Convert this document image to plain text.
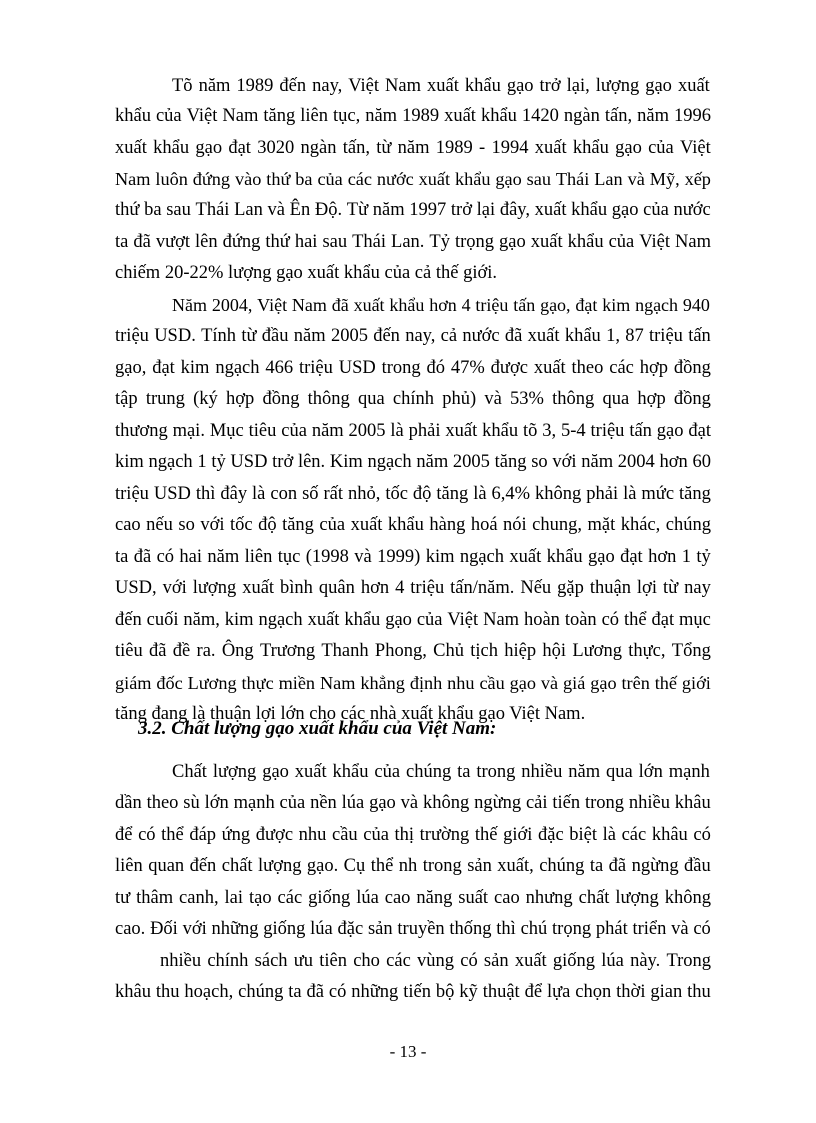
Tõ năm 1989 đến nay, Việt Nam xuất khẩu gạo trở lại, lượng gạo xuất
khẩu của Việt Nam tăng liên tục, năm 1989 xuất khẩu 1420 ngàn tấn, năm 1996
xuất khẩu gạo đạt 3020 ngàn tấn, từ năm 1989 - 1994 xuất khẩu gạo của Việt
Nam luôn đứng vào thứ ba của các nước xuất khẩu gạo sau Thái Lan và Mỹ, xếp
thứ ba sau Thái Lan và Ên Độ. Từ năm 1997 trở lại đây, xuất khẩu gạo của nước
ta đã vượt lên đứng thứ hai sau Thái Lan. Tỷ trọng gạo xuất khẩu của Việt Nam
chiếm 20-22% lượng gạo xuất khẩu của cả thế giới.
Năm 2004, Việt Nam đã xuất khẩu hơn 4 triệu tấn gạo, đạt kim ngạch 940
triệu USD. Tính từ đầu năm 2005 đến nay, cả nước đã xuất khẩu 1, 87 triệu tấn
gạo, đạt kim ngạch 466 triệu USD trong đó 47% được xuất theo các hợp đồng
tập trung (ký hợp đồng thông qua chính phủ) và 53% thông qua hợp đồng
thương mại. Mục tiêu của năm 2005 là phải xuất khẩu tõ 3, 5-4 triệu tấn gạo đạt
kim ngạch 1 tỷ USD trở lên. Kim ngạch năm 2005 tăng so với năm 2004 hơn 60
triệu USD thì đây là con số rất nhỏ, tốc độ tăng là 6,4% không phải là mức tăng
cao nếu so với tốc độ tăng của xuất khẩu hàng hoá nói chung, mặt khác, chúng
ta đã có hai năm liên tục (1998 và 1999) kim ngạch xuất khẩu gạo đạt hơn 1 tỷ
USD, với lượng xuất bình quân hơn 4 triệu tấn/năm. Nếu gặp thuận lợi từ nay
đến cuối năm, kim ngạch xuất khẩu gạo của Việt Nam hoàn toàn có thể đạt mục
tiêu đã đề ra. Ông Trương Thanh Phong, Chủ tịch hiệp hội Lương thực, Tổng
giám đốc Lương thực miền Nam khẳng định nhu cầu gạo và giá gạo trên thế giới
tăng đang là thuận lợi lớn cho các nhà xuất khẩu gạo Việt Nam.
3.2. Chất lượng gạo xuất khẩu của Việt Nam:
Chất lượng gạo xuất khẩu của chúng ta trong nhiều năm qua lớn mạnh
dần theo sù lớn mạnh của nền lúa gạo và không ngừng cải tiến trong nhiều khâu
để có thể đáp ứng được nhu cầu của thị trường thế giới đặc biệt là các khâu có
liên quan đến chất lượng gạo. Cụ thể nh trong sản xuất, chúng ta đã ngừng đầu
tư thâm canh, lai tạo các giống lúa cao năng suất cao nhưng chất lượng không
cao. Đối với những giống lúa đặc sản truyền thống thì chú trọng phát triển và có
nhiều chính sách ưu tiên cho các vùng có sản xuất giống lúa này. Trong
khâu thu hoạch, chúng ta đã có những tiến bộ kỹ thuật để lựa chọn thời gian thu
- 13 -
